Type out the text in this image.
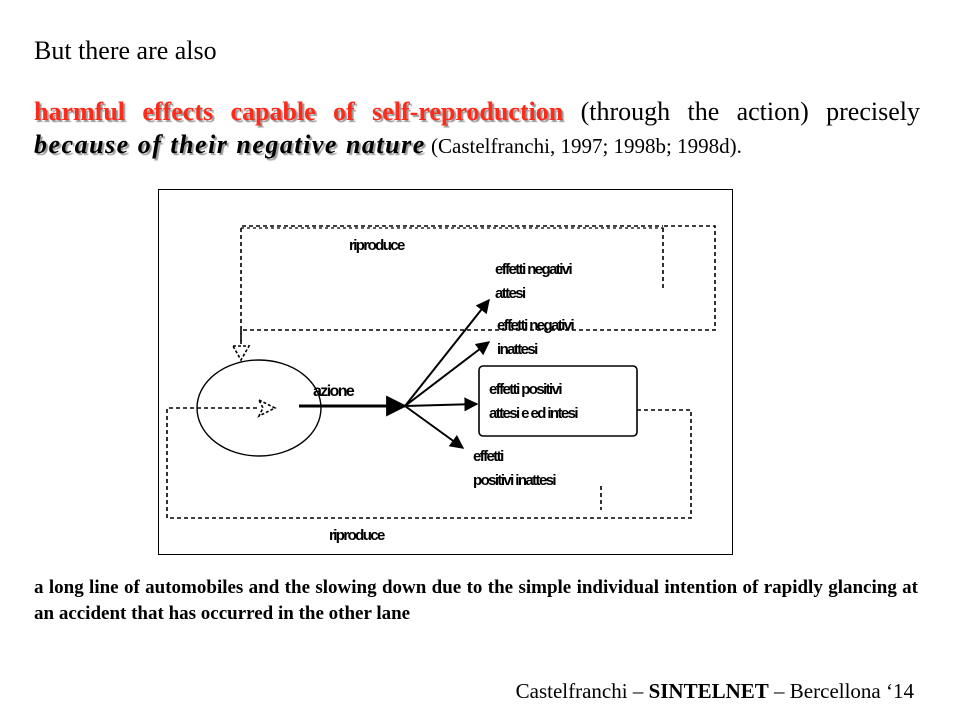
But there are also
harmful effects capable of self-reproduction (through the action) precisely because of their negative nature (Castelfranchi, 1997; 1998b; 1998d).

riproduce

effetti negativi

attesi

effetti negativi

inattesi

azione	effetti positivi

attesi e ed intesi

effetti

positivi inattesi

riproduce

a long line of automobiles and the slowing down due to the simple individual intention of rapidly glancing at an accident that has occurred in the other lane
Castelfranchi – SINTELNET – Bercellona ‘14
